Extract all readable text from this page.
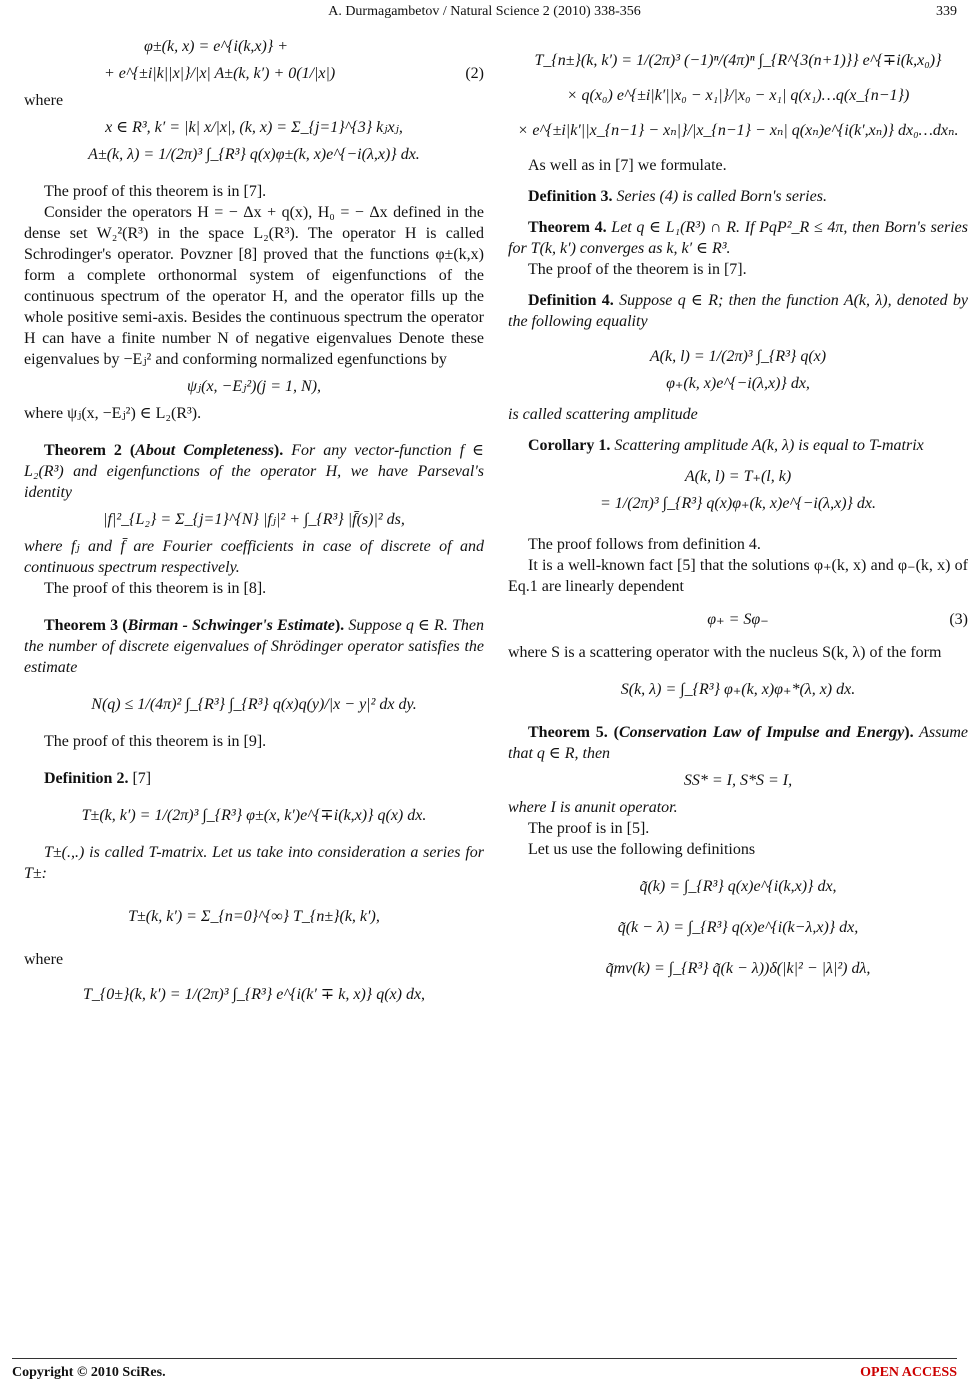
A. Durmagambetov / Natural Science 2 (2010) 338-356	339
φ±(k, x) = e^{i(k,x)} +
+ e^{±i|k||x|}/|x| A±(k, k′) + 0(1/|x|)	(2)

where

x ∈ R³, k′ = |k| x/|x|, (k, x) = Σ_{j=1}^{3} kⱼxⱼ,
A±(k, λ) = 1/(2π)³ ∫_{R³} q(x)φ±(k, x)e^{−i(λ,x)} dx.

The proof of this theorem is in [7].

Consider the operators H = − Δx + q(x), H₀ = − Δx defined in the dense set W₂²(R³) in the space L₂(R³). The operator H is called Schrodinger's operator. Povzner [8] proved that the functions φ±(k,x) form a complete orthonormal system of eigenfunctions of the continuous spectrum of the operator H, and the operator fills up the whole positive semi-axis. Besides the continuous spectrum the operator H can have a finite number N of negative eigenvalues Denote these eigenvalues by −Eⱼ² and conforming normalized egenfunctions by

ψⱼ(x, −Eⱼ²)(j = 1, N),

where ψⱼ(x, −Eⱼ²) ∈ L₂(R³).

Theorem 2 (About Completeness). For any vector-function f ∈ L₂(R³) and eigenfunctions of the operator H, we have Parseval's identity

|f|²_{L₂} = Σ_{j=1}^{N} |fⱼ|² + ∫_{R³} |f̄(s)|² ds,

where fⱼ and f̄ are Fourier coefficients in case of discrete of and continuous spectrum respectively.

The proof of this theorem is in [8].

Theorem 3 (Birman - Schwinger's Estimate). Suppose q ∈ R. Then the number of discrete eigenvalues of Shrödinger operator satisfies the estimate

N(q) ≤ 1/(4π)² ∫_{R³} ∫_{R³} q(x)q(y)/|x − y|² dx dy.

The proof of this theorem is in [9].

Definition 2. [7]

T±(k, k′) = 1/(2π)³ ∫_{R³} φ±(x, k′)e^{∓i(k,x)} q(x) dx.

T±(.,.) is called T-matrix. Let us take into consideration a series for T±:

T±(k, k′) = Σ_{n=0}^{∞} T_{n±}(k, k′),

where

T_{0±}(k, k′) = 1/(2π)³ ∫_{R³} e^{i(k′ ∓ k, x)} q(x) dx,
T_{n±}(k, k′) = 1/(2π)³ (−1)ⁿ/(4π)ⁿ ∫_{R^{3(n+1)}} e^{∓i(k,x₀)}
× q(x₀) e^{±i|k′||x₀ − x₁|}/|x₀ − x₁| q(x₁)…q(x_{n−1})
× e^{±i|k′||x_{n−1} − xₙ|}/|x_{n−1} − xₙ| q(xₙ)e^{i(k′,xₙ)} dx₀…dxₙ.

As well as in [7] we formulate.

Definition 3. Series (4) is called Born's series.

Theorem 4. Let q ∈ L₁(R³) ∩ R. If PqP²_R ≤ 4π, then Born's series for T(k, k′) converges as k, k′ ∈ R³.

The proof of the theorem is in [7].

Definition 4. Suppose q ∈ R; then the function A(k, λ), denoted by the following equality

A(k, l) = 1/(2π)³ ∫_{R³} q(x)
φ₊(k, x)e^{−i(λ,x)} dx,

is called scattering amplitude

Corollary 1. Scattering amplitude A(k, λ) is equal to T-matrix

A(k, l) = T₊(l, k)
= 1/(2π)³ ∫_{R³} q(x)φ₊(k, x)e^{−i(λ,x)} dx.

The proof follows from definition 4.

It is a well-known fact [5] that the solutions φ₊(k, x) and φ₋(k, x) of Eq.1 are linearly dependent

φ₊ = Sφ₋	(3)

where S is a scattering operator with the nucleus S(k, λ) of the form

S(k, λ) = ∫_{R³} φ₊(k, x)φ₊*(λ, x) dx.

Theorem 5. (Conservation Law of Impulse and Energy). Assume that q ∈ R, then

SS* = I, S*S = I,

where I is anunit operator.

The proof is in [5].

Let us use the following definitions

q̃(k) = ∫_{R³} q(x)e^{i(k,x)} dx,
q̃(k − λ) = ∫_{R³} q(x)e^{i(k−λ,x)} dx,
q̃mv(k) = ∫_{R³} q̃(k − λ))δ(|k|² − |λ|²) dλ,
Copyright © 2010 SciRes.	OPEN ACCESS
